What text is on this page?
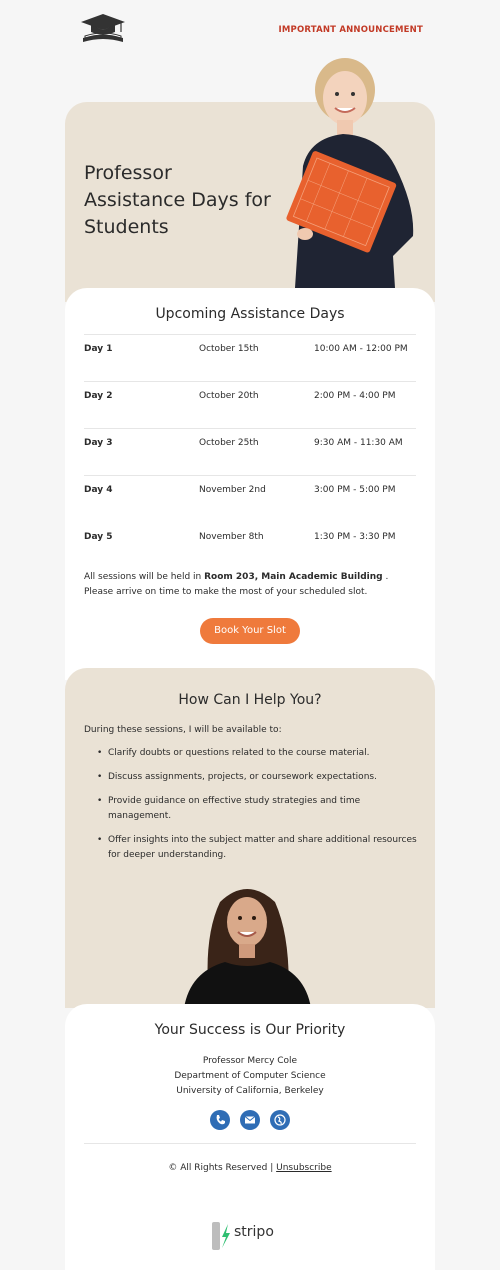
IMPORTANT ANNOUNCEMENT
Professor Assistance Days for Students
Upcoming Assistance Days
Day 1	October 15th	10:00 AM - 12:00 PM
Day 2	October 20th	2:00 PM - 4:00 PM
Day 3	October 25th	9:30 AM - 11:30 AM
Day 4	November 2nd	3:00 PM - 5:00 PM
Day 5	November 8th	1:30 PM - 3:30 PM

All sessions will be held in Room 203, Main Academic Building . Please arrive on time to make the most of your scheduled slot.

Book Your Slot
How Can I Help You?

During these sessions, I will be available to:

• Clarify doubts or questions related to the course material.
• Discuss assignments, projects, or coursework expectations.
• Provide guidance on effective study strategies and time management.
• Offer insights into the subject matter and share additional resources for deeper understanding.
Your Success is Our Priority
Professor Mercy Cole
Department of Computer Science
University of California, Berkeley
© All Rights Reserved | Unsubscribe
stripo
